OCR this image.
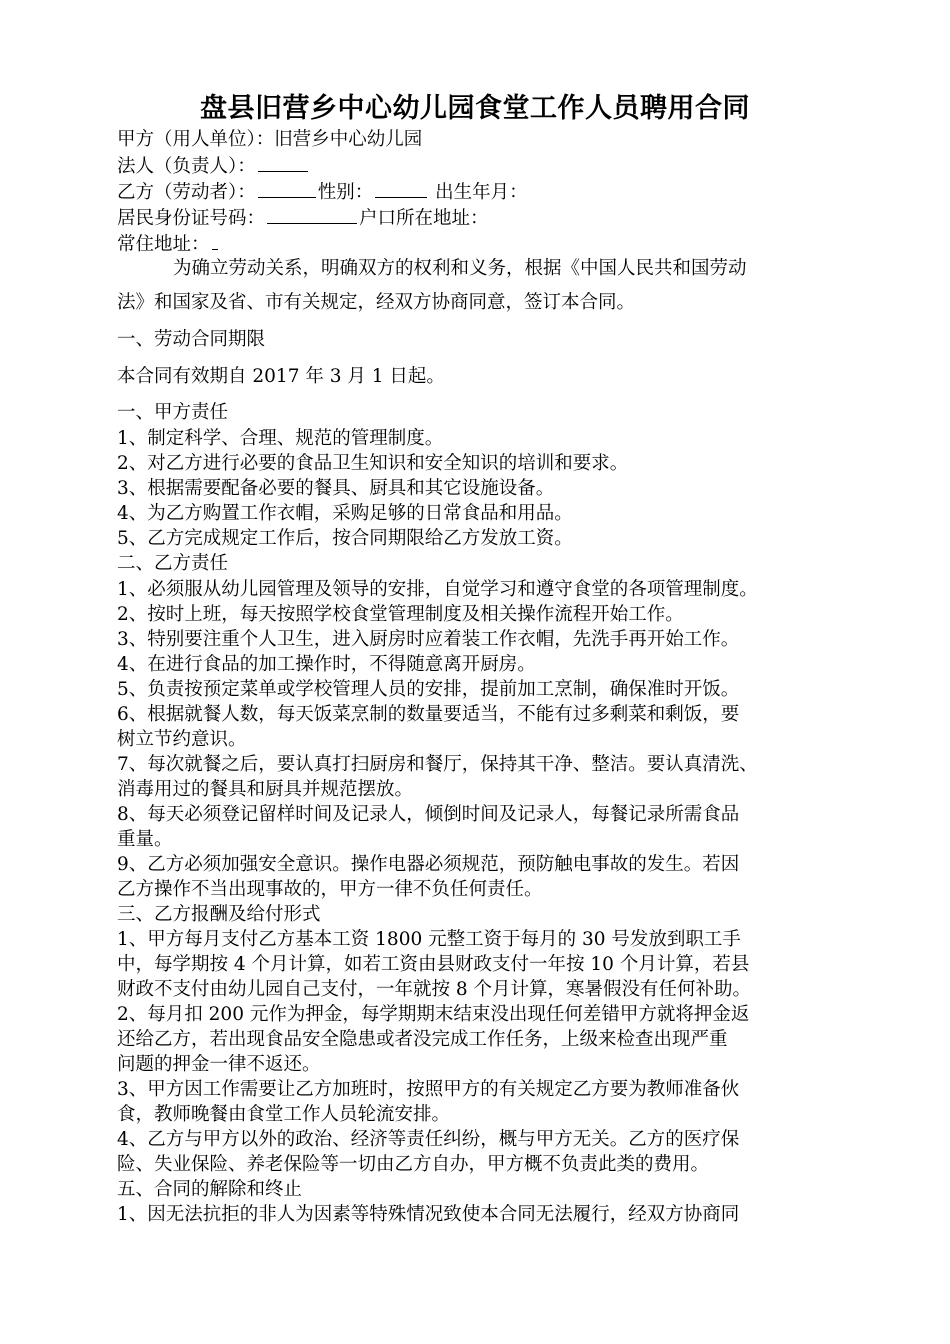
盘县旧营乡中心幼儿园食堂工作人员聘用合同
甲方（用人单位）：旧营乡中心幼儿园
法人（负责人）：
乙方（劳动者）：	性别：	出生年月：
居民身份证号码：	户口所在地址：
常住地址：
为确立劳动关系，明确双方的权利和义务，根据《中国人民共和国劳动
法》和国家及省、市有关规定，经双方协商同意，签订本合同。
一、劳动合同期限
本合同有效期自 2017 年 3 月 1 日起。
一、甲方责任
1、制定科学、合理、规范的管理制度。
2、对乙方进行必要的食品卫生知识和安全知识的培训和要求。
3、根据需要配备必要的餐具、厨具和其它设施设备。
4、为乙方购置工作衣帽，采购足够的日常食品和用品。
5、乙方完成规定工作后，按合同期限给乙方发放工资。
二、乙方责任
1、必须服从幼儿园管理及领导的安排，自觉学习和遵守食堂的各项管理制度。
2、按时上班，每天按照学校食堂管理制度及相关操作流程开始工作。
3、特别要注重个人卫生，进入厨房时应着装工作衣帽，先洗手再开始工作。
4、在进行食品的加工操作时，不得随意离开厨房。
5、负责按预定菜单或学校管理人员的安排，提前加工烹制，确保准时开饭。
6、根据就餐人数，每天饭菜烹制的数量要适当，不能有过多剩菜和剩饭，要
树立节约意识。
7、每次就餐之后，要认真打扫厨房和餐厅，保持其干净、整洁。要认真清洗、
消毒用过的餐具和厨具并规范摆放。
8、每天必须登记留样时间及记录人，倾倒时间及记录人，每餐记录所需食品
重量。
9、乙方必须加强安全意识。操作电器必须规范，预防触电事故的发生。若因
乙方操作不当出现事故的，甲方一律不负任何责任。
三、乙方报酬及给付形式
1、甲方每月支付乙方基本工资 1800 元整工资于每月的 30 号发放到职工手
中，每学期按 4 个月计算，如若工资由县财政支付一年按 10 个月计算，若县
财政不支付由幼儿园自己支付，一年就按 8 个月计算，寒暑假没有任何补助。
2、每月扣 200 元作为押金，每学期期末结束没出现任何差错甲方就将押金返
还给乙方，若出现食品安全隐患或者没完成工作任务，上级来检查出现严重
问题的押金一律不返还。
3、甲方因工作需要让乙方加班时，按照甲方的有关规定乙方要为教师准备伙
食，教师晚餐由食堂工作人员轮流安排。
4、乙方与甲方以外的政治、经济等责任纠纷，概与甲方无关。乙方的医疗保
险、失业保险、养老保险等一切由乙方自办，甲方概不负责此类的费用。
五、合同的解除和终止
1、因无法抗拒的非人为因素等特殊情况致使本合同无法履行，经双方协商同
